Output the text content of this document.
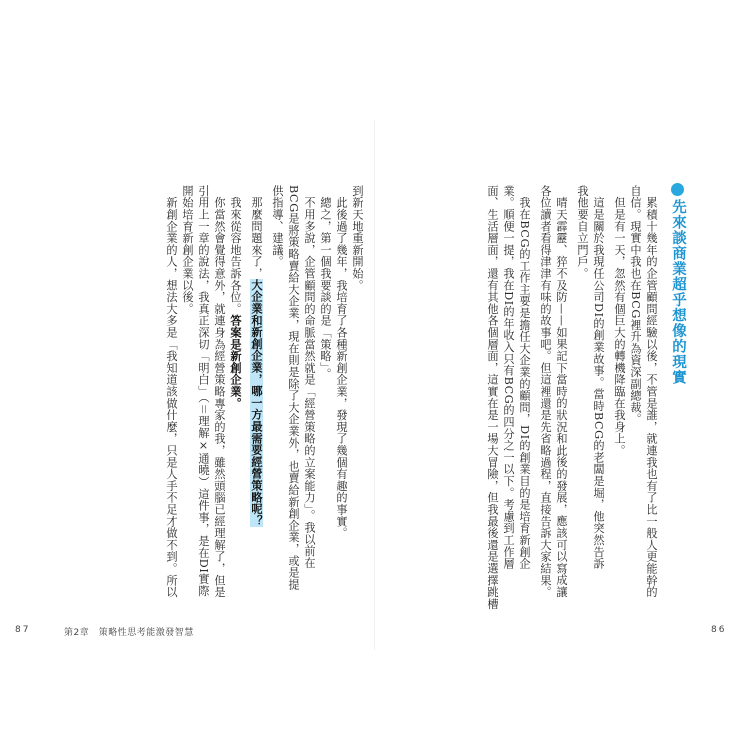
到新天地重新開始。
　此後過了幾年，我培育了各種新創企業，發現了幾個有趣的事實。
　總之，第一個我要談的是「策略」。
　不用多說，企管顧問的命脈當然就是「經營策略的立案能力」。我以前在
BCG是將策略賣給大企業，現在則是除了大企業外，也賣給新創企業，或是提
供指導、建議。
　那麼問題來了，大企業和新創企業，哪一方最需要經營策略呢？
　我來從容地告訴各位。答案是新創企業。
　你當然會覺得意外，就連身為經營策略專家的我，雖然頭腦已經理解了，但是
引用上一章的說法，我真正深切「明白」（＝理解×通曉）這件事，是在DI實際
開始培育新創企業以後。
　新創企業的人，想法大多是「我知道該做什麼，只是人手不足才做不到。所以	先來談商業超乎想像的現實
　累積十幾年的企管顧問經驗以後，不管是誰，就連我也有了比一般人更能幹的
自信。現實中我也在BCG裡升為資深副總裁。
　但是有一天，忽然有個巨大的轉機降臨在我身上。
　這是關於我現任公司DI的創業故事。當時BCG的老闆是堀，他突然告訴
我他要自立門戶。
　晴天霹靂、猝不及防——如果記下當時的狀況和此後的發展，應該可以寫成讓
各位讀者看得津津有味的故事吧。但這裡還是先省略過程，直接告訴大家結果。
　我在BCG的工作主要是擔任大企業的顧問，DI的創業目的是培育新創企
業。順便一提，我在DI的年收入只有BCG的四分之一以下。考慮到工作層
面、生活層面，還有其他各個層面，這實在是一場大冒險，但我最後還是選擇跳槽
87	第2章　策略性思考能激發智慧	86
